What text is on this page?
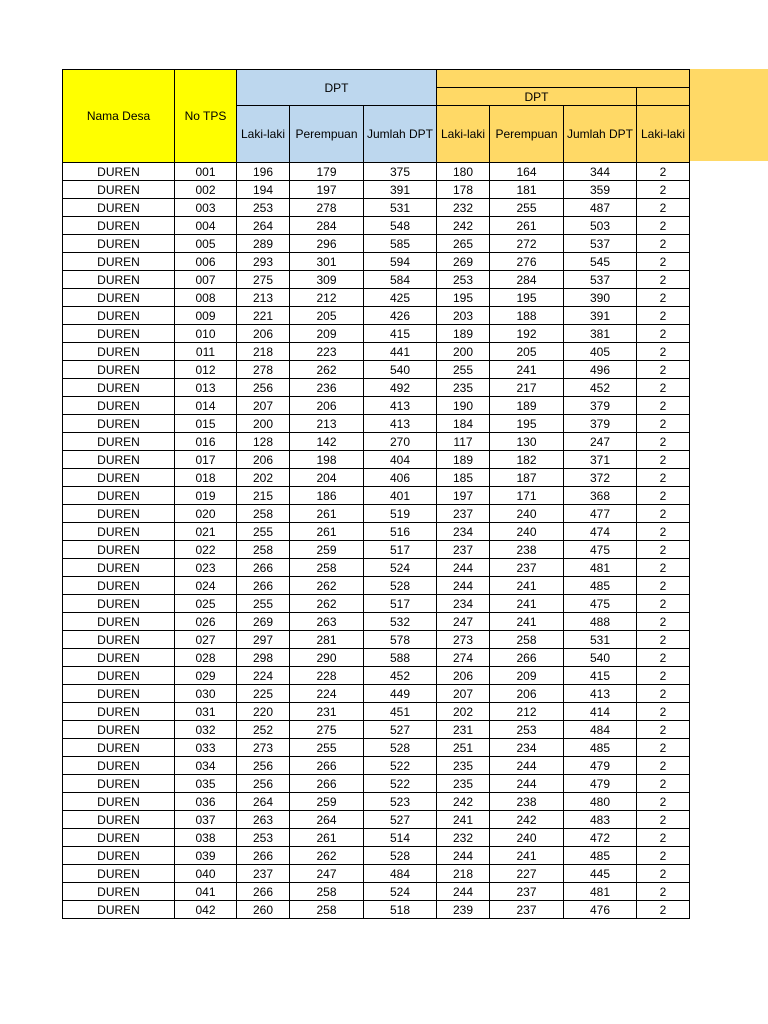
Nama Desa	No TPS	DPT						
					DPT			
		Laki-laki	Perempuan	Jumlah DPT	Laki-laki	Perempuan	Jumlah DPT	Laki-laki
DUREN	001	196	179	375	180	164	344	2
DUREN	002	194	197	391	178	181	359	2
DUREN	003	253	278	531	232	255	487	2
DUREN	004	264	284	548	242	261	503	2
DUREN	005	289	296	585	265	272	537	2
DUREN	006	293	301	594	269	276	545	2
DUREN	007	275	309	584	253	284	537	2
DUREN	008	213	212	425	195	195	390	2
DUREN	009	221	205	426	203	188	391	2
DUREN	010	206	209	415	189	192	381	2
DUREN	011	218	223	441	200	205	405	2
DUREN	012	278	262	540	255	241	496	2
DUREN	013	256	236	492	235	217	452	2
DUREN	014	207	206	413	190	189	379	2
DUREN	015	200	213	413	184	195	379	2
DUREN	016	128	142	270	117	130	247	2
DUREN	017	206	198	404	189	182	371	2
DUREN	018	202	204	406	185	187	372	2
DUREN	019	215	186	401	197	171	368	2
DUREN	020	258	261	519	237	240	477	2
DUREN	021	255	261	516	234	240	474	2
DUREN	022	258	259	517	237	238	475	2
DUREN	023	266	258	524	244	237	481	2
DUREN	024	266	262	528	244	241	485	2
DUREN	025	255	262	517	234	241	475	2
DUREN	026	269	263	532	247	241	488	2
DUREN	027	297	281	578	273	258	531	2
DUREN	028	298	290	588	274	266	540	2
DUREN	029	224	228	452	206	209	415	2
DUREN	030	225	224	449	207	206	413	2
DUREN	031	220	231	451	202	212	414	2
DUREN	032	252	275	527	231	253	484	2
DUREN	033	273	255	528	251	234	485	2
DUREN	034	256	266	522	235	244	479	2
DUREN	035	256	266	522	235	244	479	2
DUREN	036	264	259	523	242	238	480	2
DUREN	037	263	264	527	241	242	483	2
DUREN	038	253	261	514	232	240	472	2
DUREN	039	266	262	528	244	241	485	2
DUREN	040	237	247	484	218	227	445	2
DUREN	041	266	258	524	244	237	481	2
DUREN	042	260	258	518	239	237	476	2
